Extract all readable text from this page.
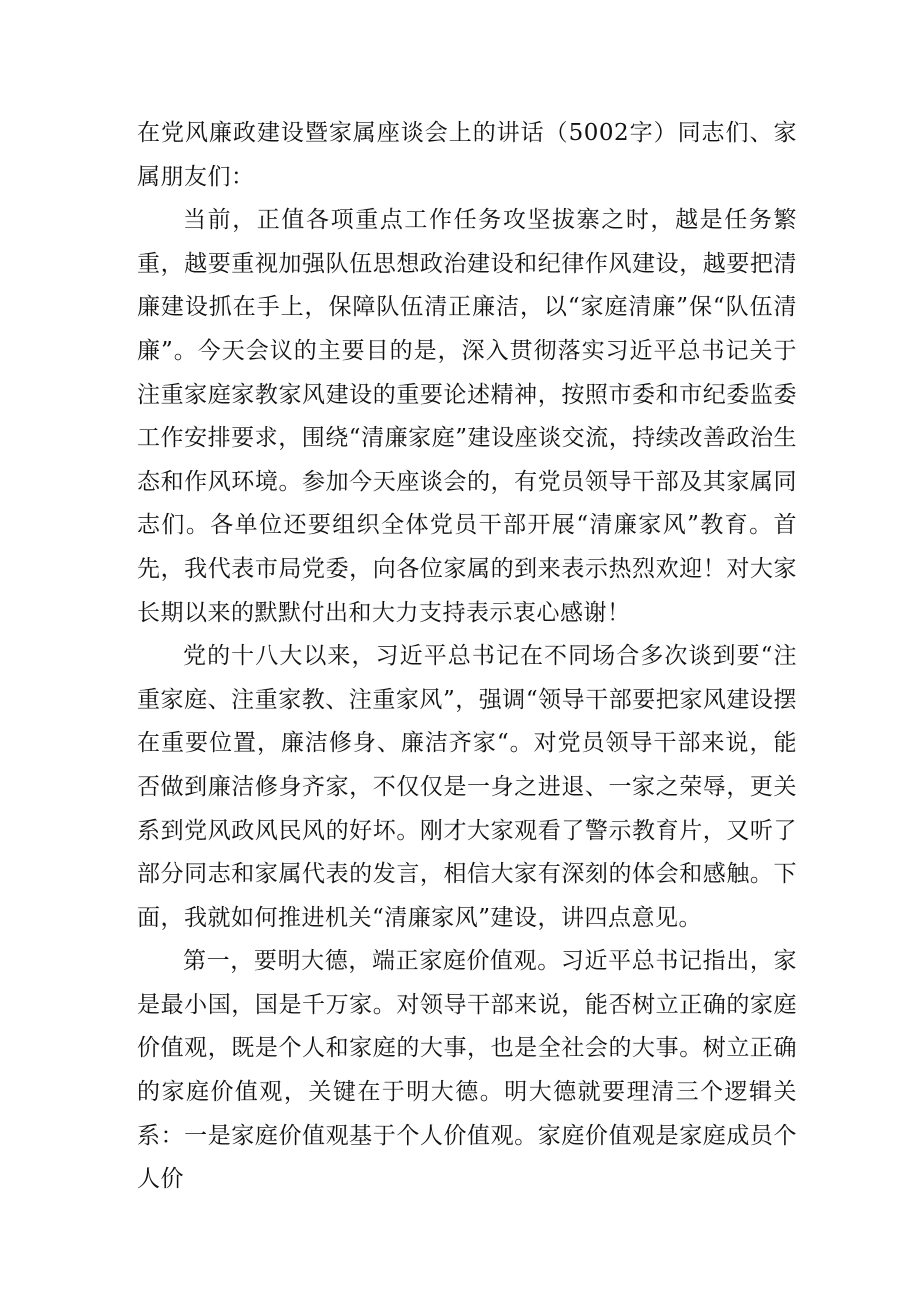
在党风廉政建设暨家属座谈会上的讲话（5002字）同志们、家属朋友们：

当前，正值各项重点工作任务攻坚拔寨之时，越是任务繁重，越要重视加强队伍思想政治建设和纪律作风建设，越要把清廉建设抓在手上，保障队伍清正廉洁，以“家庭清廉”保“队伍清廉”。今天会议的主要目的是，深入贯彻落实习近平总书记关于注重家庭家教家风建设的重要论述精神，按照市委和市纪委监委工作安排要求，围绕“清廉家庭”建设座谈交流，持续改善政治生态和作风环境。参加今天座谈会的，有党员领导干部及其家属同志们。各单位还要组织全体党员干部开展“清廉家风”教育。首先，我代表市局党委，向各位家属的到来表示热烈欢迎！对大家长期以来的默默付出和大力支持表示衷心感谢！

党的十八大以来，习近平总书记在不同场合多次谈到要“注重家庭、注重家教、注重家风”，强调“领导干部要把家风建设摆在重要位置，廉洁修身、廉洁齐家“。对党员领导干部来说，能否做到廉洁修身齐家，不仅仅是一身之进退、一家之荣辱，更关系到党风政风民风的好坏。刚才大家观看了警示教育片，又听了部分同志和家属代表的发言，相信大家有深刻的体会和感触。下面，我就如何推进机关“清廉家风”建设，讲四点意见。

第一，要明大德，端正家庭价值观。习近平总书记指出，家是最小国，国是千万家。对领导干部来说，能否树立正确的家庭价值观，既是个人和家庭的大事，也是全社会的大事。树立正确的家庭价值观，关键在于明大德。明大德就要理清三个逻辑关系：一是家庭价值观基于个人价值观。家庭价值观是家庭成员个人价
